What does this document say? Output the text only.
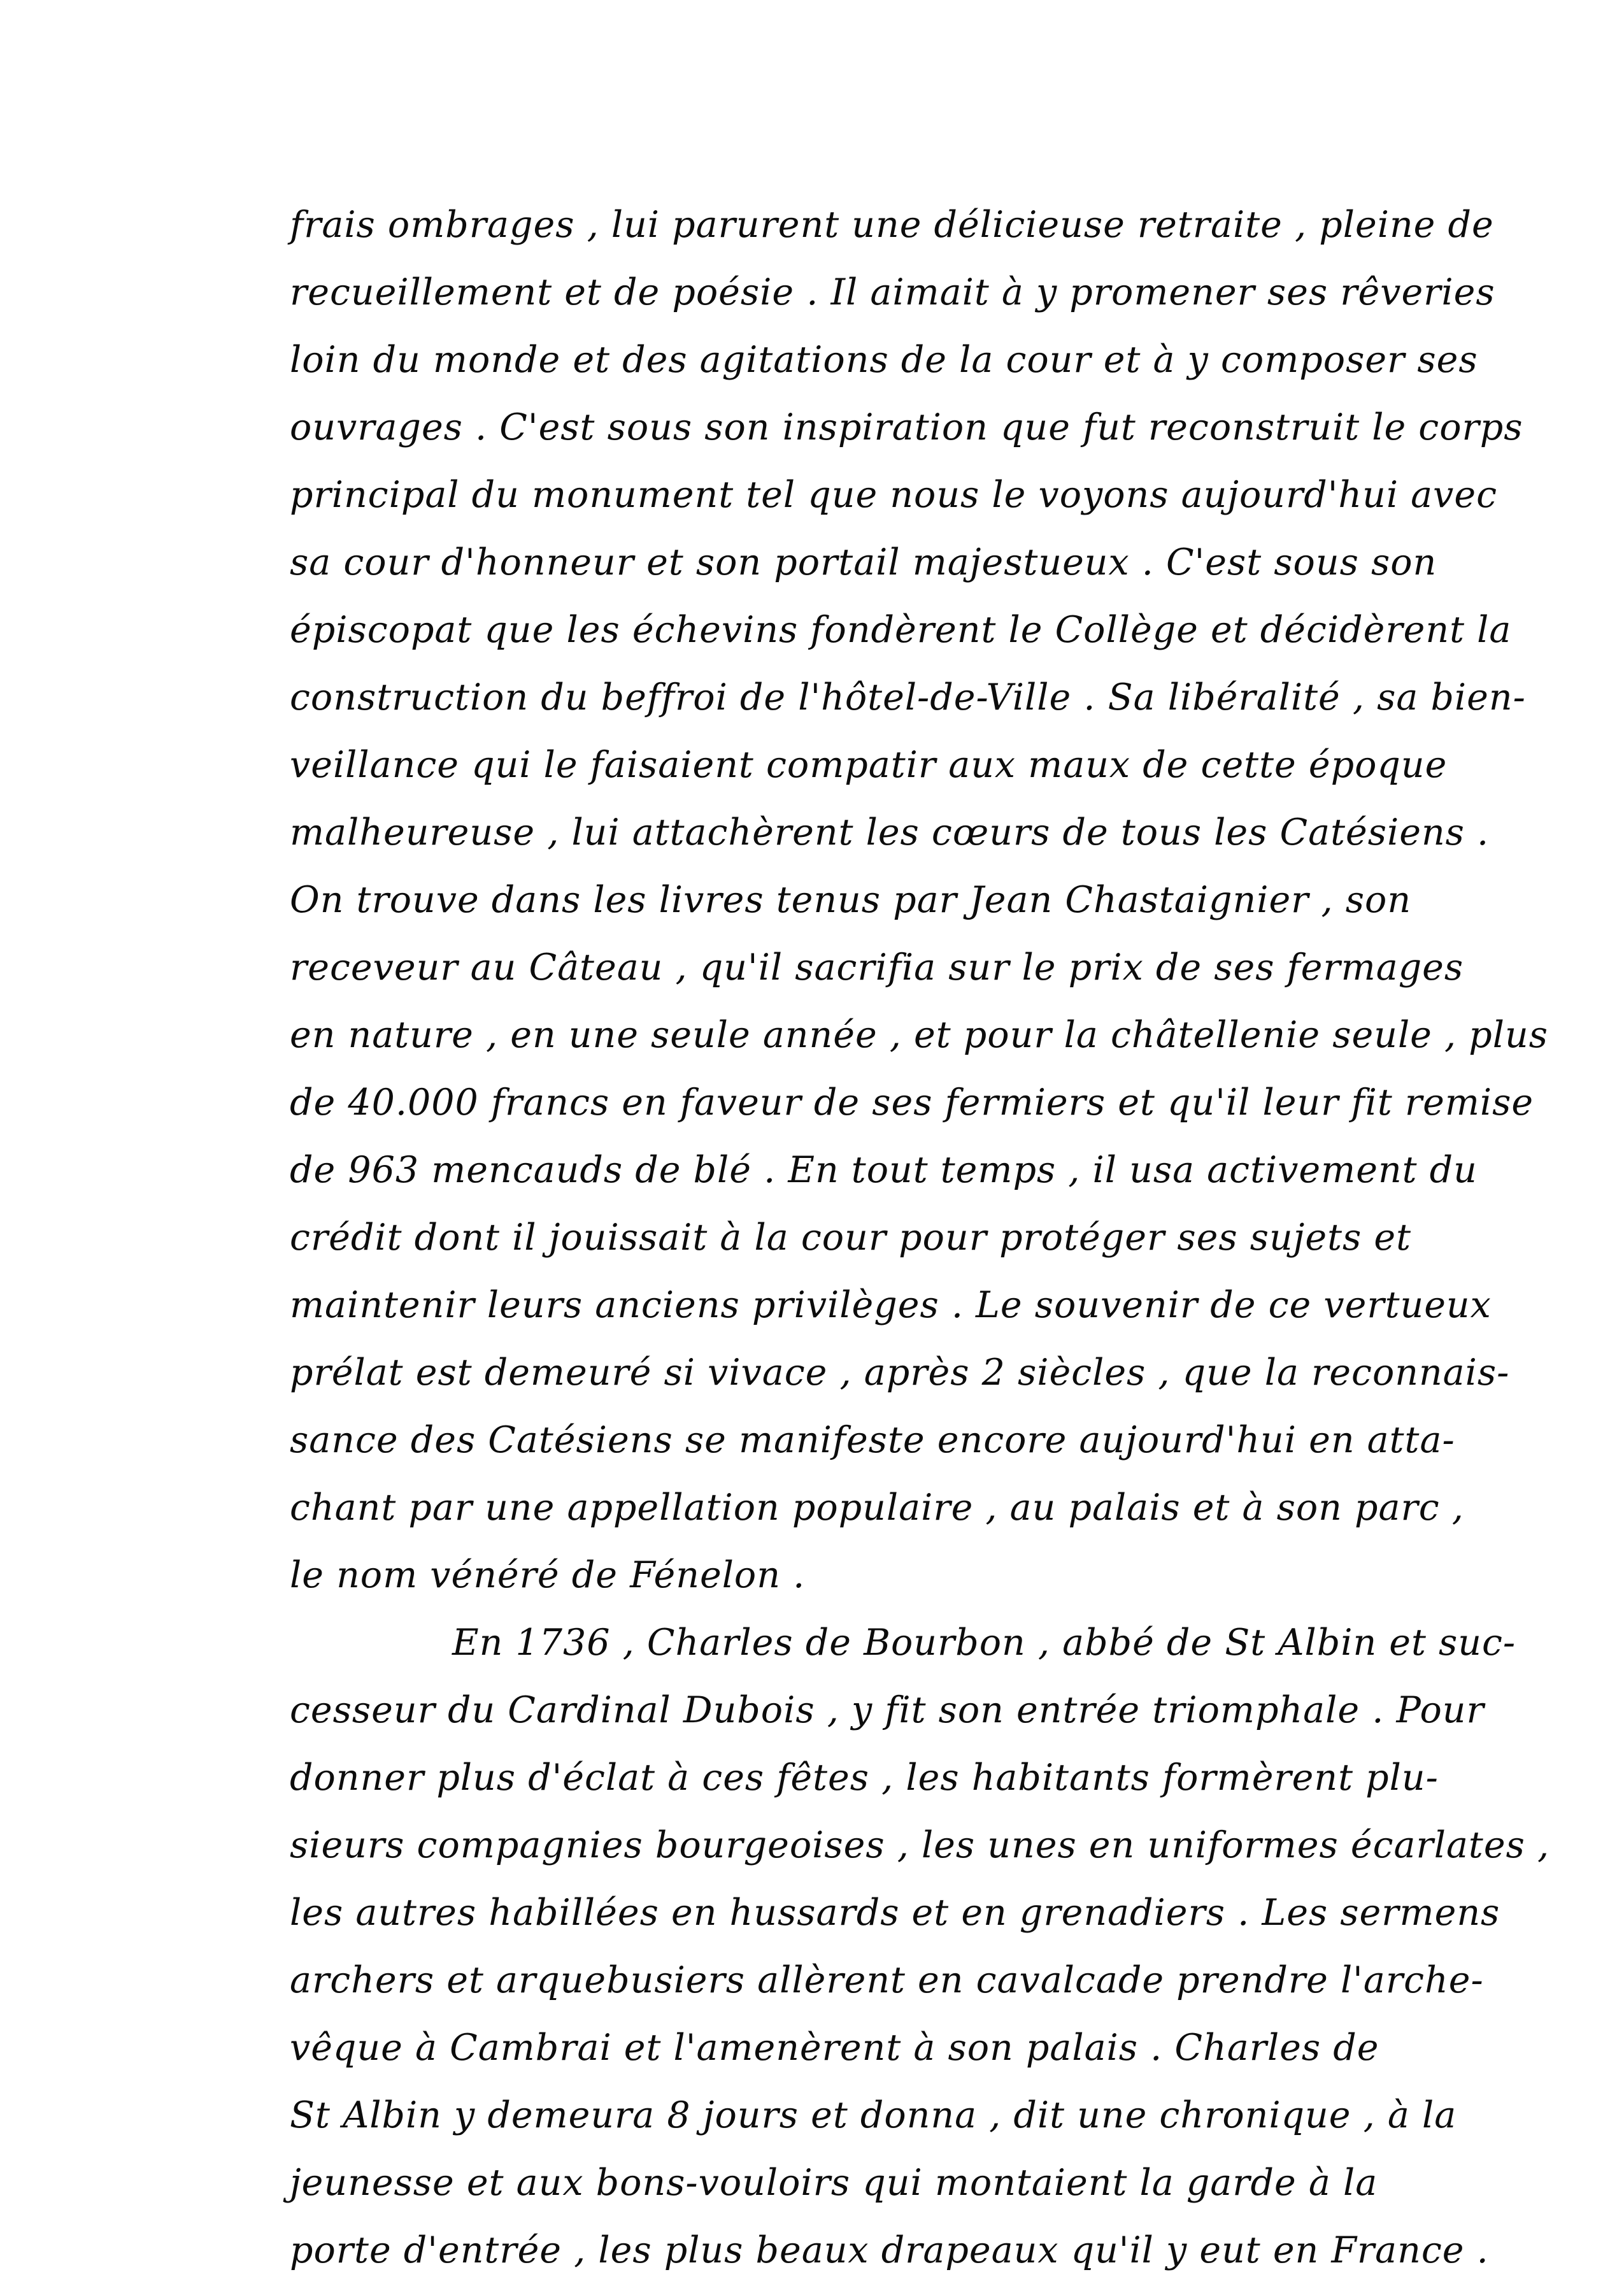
frais ombrages , lui parurent une délicieuse retraite , pleine de
recueillement et de poésie . Il aimait à y promener ses rêveries
loin du monde et des agitations de la cour et à y composer ses
ouvrages . C'est sous son inspiration que fut reconstruit le corps
principal du monument tel que nous le voyons aujourd'hui avec
sa cour d'honneur et son portail majestueux . C'est sous son
épiscopat que les échevins fondèrent le Collège et décidèrent la
construction du beffroi de l'hôtel-de-Ville . Sa libéralité , sa bien-
veillance qui le faisaient compatir aux maux de cette époque
malheureuse , lui attachèrent les cœurs de tous les Catésiens .
On trouve dans les livres tenus par Jean Chastaignier , son
receveur au Câteau , qu'il sacrifia sur le prix de ses fermages
en nature , en une seule année , et pour la châtellenie seule , plus
de 40.000 francs en faveur de ses fermiers et qu'il leur fit remise
de 963 mencauds de blé . En tout temps , il usa activement du
crédit dont il jouissait à la cour pour protéger ses sujets et
maintenir leurs anciens privilèges . Le souvenir de ce vertueux
prélat est demeuré si vivace , après 2 siècles , que la reconnais-
sance des Catésiens se manifeste encore aujourd'hui en atta-
chant par une appellation populaire , au palais et à son parc ,
le nom vénéré de Fénelon .
En 1736 , Charles de Bourbon , abbé de St Albin et suc-
cesseur du Cardinal Dubois , y fit son entrée triomphale . Pour
donner plus d'éclat à ces fêtes , les habitants formèrent plu-
sieurs compagnies bourgeoises , les unes en uniformes écarlates ,
les autres habillées en hussards et en grenadiers . Les sermens
archers et arquebusiers allèrent en cavalcade prendre l'arche-
vêque à Cambrai et l'amenèrent à son palais . Charles de
St Albin y demeura 8 jours et donna , dit une chronique , à la
jeunesse et aux bons-vouloirs qui montaient la garde à la
porte d'entrée , les plus beaux drapeaux qu'il y eut en France .
